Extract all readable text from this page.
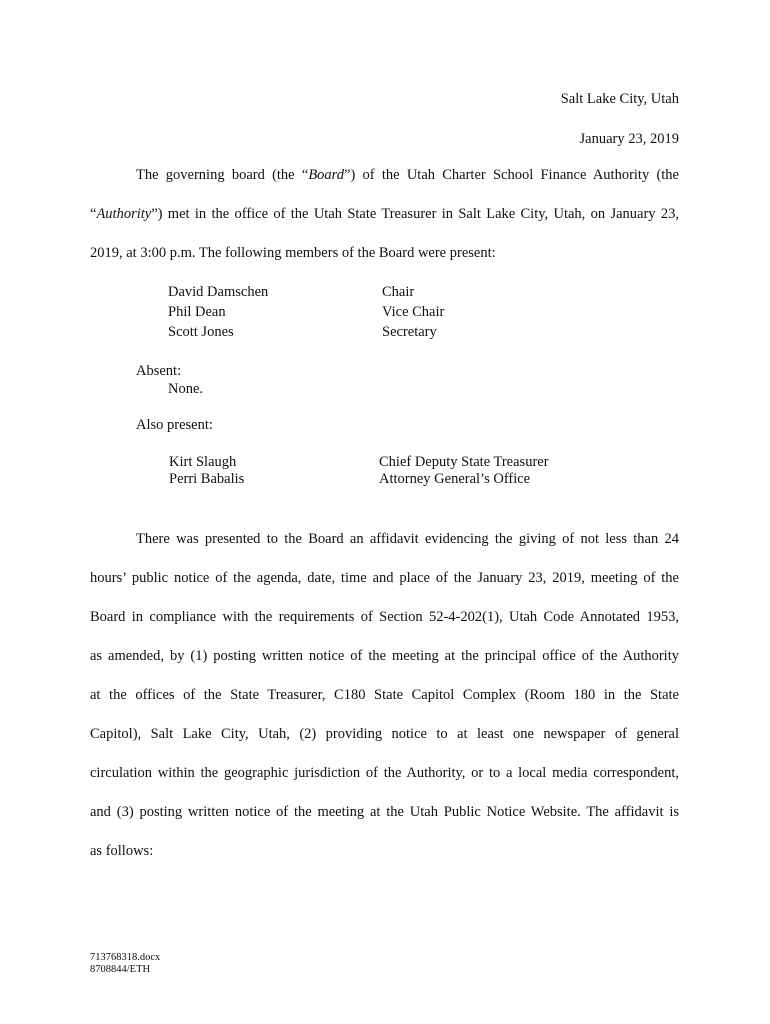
Salt Lake City, Utah
January 23, 2019
The governing board (the “Board”) of the Utah Charter School Finance Authority (the
“Authority”) met in the office of the Utah State Treasurer in Salt Lake City, Utah, on January 23,
2019, at 3:00 p.m. The following members of the Board were present:
David Damschen	Chair
Phil Dean	Vice Chair
Scott Jones	Secretary
Absent:
None.
Also present:
Kirt Slaugh	Chief Deputy State Treasurer
Perri Babalis	Attorney General’s Office
There was presented to the Board an affidavit evidencing the giving of not less than 24
hours’ public notice of the agenda, date, time and place of the January 23, 2019, meeting of the
Board in compliance with the requirements of Section 52-4-202(1), Utah Code Annotated 1953,
as amended, by (1) posting written notice of the meeting at the principal office of the Authority
at the offices of the State Treasurer, C180 State Capitol Complex (Room 180 in the State
Capitol), Salt Lake City, Utah, (2) providing notice to at least one newspaper of general
circulation within the geographic jurisdiction of the Authority, or to a local media correspondent,
and (3) posting written notice of the meeting at the Utah Public Notice Website. The affidavit is
as follows:
713768318.docx
8708844/ETH
